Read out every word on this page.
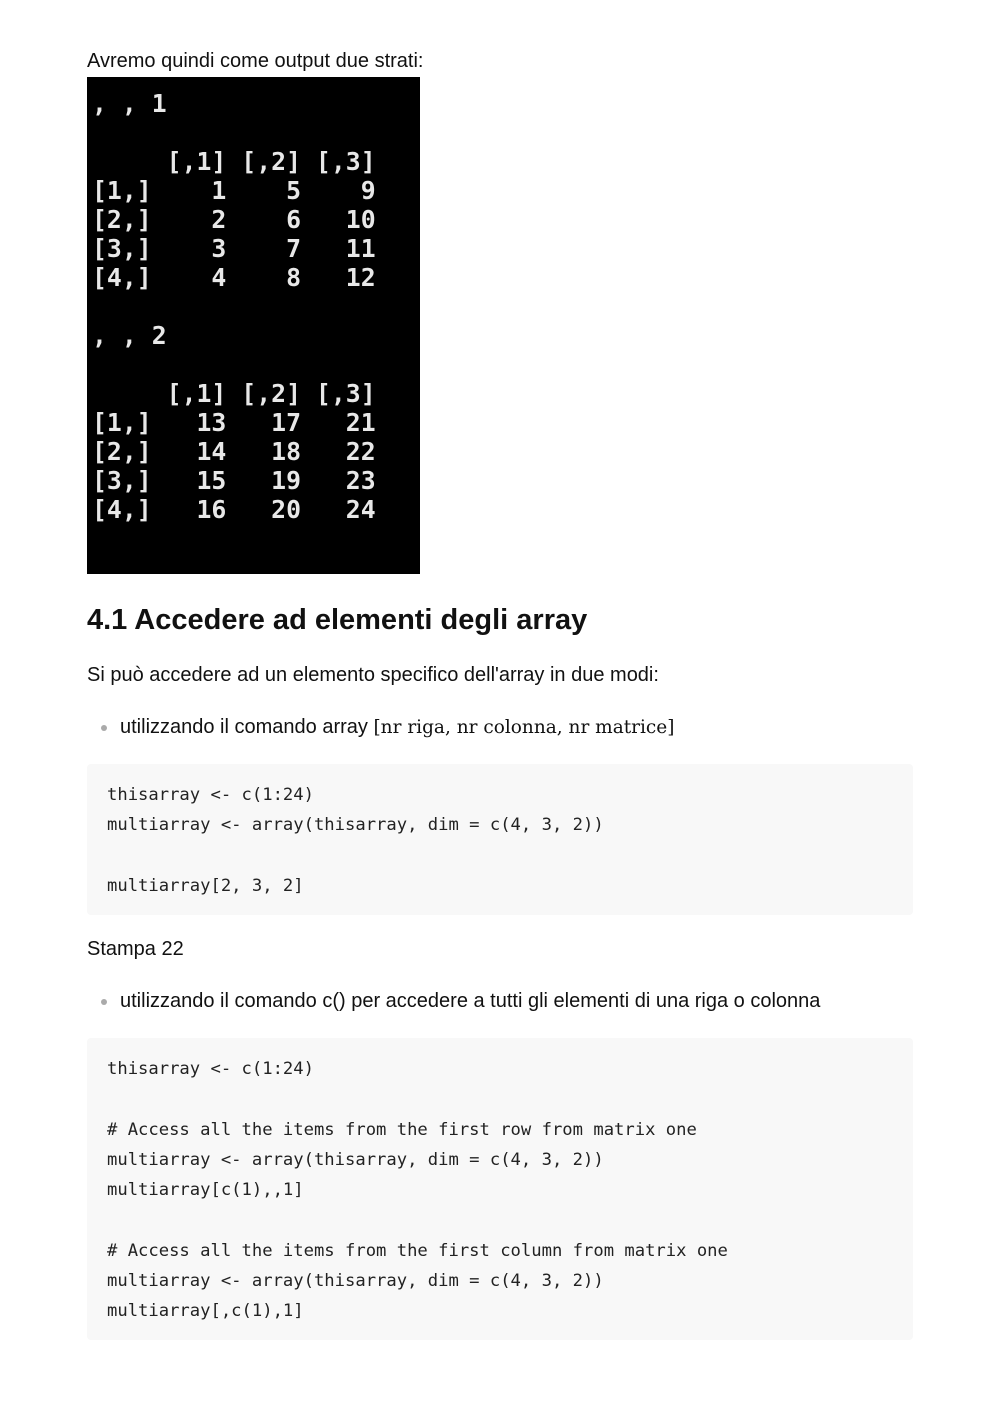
Avremo quindi come output due strati:
, , 1

[,1] [,2] [,3]
[1,]    1    5    9
[2,]    2    6   10
[3,]    3    7   11
[4,]    4    8   12

, , 2

[,1] [,2] [,3]
[1,]   13   17   21
[2,]   14   18   22
[3,]   15   19   23
[4,]   16   20   24
4.1 Accedere ad elementi degli array

Si può accedere ad un elemento specifico dell'array in due modi:

utilizzando il comando array [nr riga, nr colonna, nr matrice]
thisarray <- c(1:24)
multiarray <- array(thisarray, dim = c(4, 3, 2))

multiarray[2, 3, 2]

Stampa 22

utilizzando il comando c() per accedere a tutti gli elementi di una riga o colonna
thisarray <- c(1:24)

# Access all the items from the first row from matrix one
multiarray <- array(thisarray, dim = c(4, 3, 2))
multiarray[c(1),,1]

# Access all the items from the first column from matrix one
multiarray <- array(thisarray, dim = c(4, 3, 2))
multiarray[,c(1),1]
